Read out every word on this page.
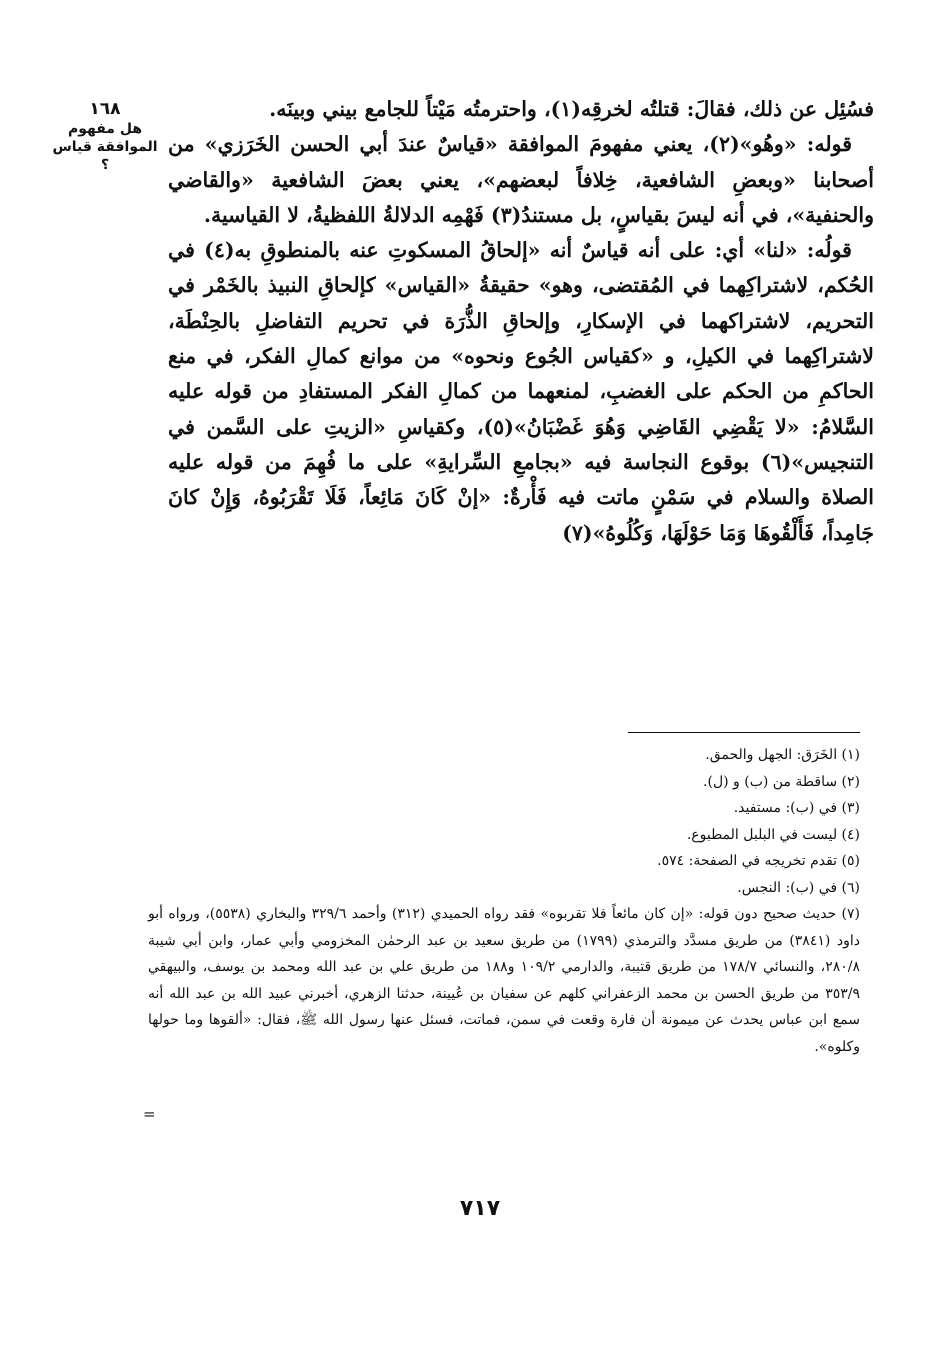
١٦٨
هل مفهوم الموافقة قياس ؟

فسُئِل عن ذلك، فقالَ: قتلتُه لخرقِه(١)، واحترمتُه مَيْتاً للجامع بيني وبينَه.

قوله: «وهُو»(٢)، يعني مفهومَ الموافقة «قياسٌ عندَ أبي الحسن الخَرَزي» من أصحابنا «وبعضِ الشافعية، خِلافاً لبعضهم»، يعني بعضَ الشافعية «والقاضي والحنفية»، في أنه ليسَ بقياسٍ، بل مستندُ(٣) فَهْمِه الدلالةُ اللفظيةُ، لا القياسية.

قولُه: «لنا» أي: على أنه قياسٌ أنه «إلحاقُ المسكوتِ عنه بالمنطوقِ به(٤) في الحُكم، لاشتراكِهما في المُقتضى، وهو» حقيقةُ «القياس» كإلحاقِ النبيذ بالخَمْر في التحريم، لاشتراكهما في الإسكارِ، وإلحاقِ الذُّرَة في تحريم التفاضلِ بالحِنْطَة، لاشتراكِهما في الكيلِ، و «كقياس الجُوع ونحوه» من موانع كمالِ الفكر، في منع الحاكمِ من الحكم على الغضبِ، لمنعهما من كمالِ الفكر المستفادِ من قوله عليه السَّلامُ: «لا يَقْضِي القَاضِي وَهُوَ غَضْبَانُ»(٥)، وكقياسِ «الزيتِ على السَّمن في التنجيس»(٦) بوقوع النجاسة فيه «بجامعِ السِّرايةِ» على ما فُهِمَ من قوله عليه الصلاة والسلام في سَمْنٍ ماتت فيه فَأْرةٌ: «إنْ كَانَ مَائِعاً، فَلَا تَقْرَبُوهُ، وَإِنْ كانَ جَامِداً، فَأَلْقُوهَا وَمَا حَوْلَهَا، وَكُلُوهُ»(٧)

(١) الخَرَق: الجهل والحمق.

(٢) ساقطة من (ب) و (ل).

(٣) في (ب): مستفيد.

(٤) ليست في البلبل المطبوع.

(٥) تقدم تخريجه في الصفحة: ٥٧٤.

(٦) في (ب): النجس.

(٧) حديث صحيح دون قوله: «إن كان مائعاً فلا تقربوه» فقد رواه الحميدي (٣١٢) وأحمد ٣٢٩/٦ والبخاري (٥٥٣٨)، ورواه أبو داود (٣٨٤١) من طريق مسدَّد والترمذي (١٧٩٩) من طريق سعيد بن عبد الرحمٰن المخزومي وأبي عمار، وابن أبي شيبة ٢٨٠/٨، والنسائي ١٧٨/٧ من طريق قتيبة، والدارمي ١٠٩/٢ و١٨٨ من طريق علي بن عبد الله ومحمد بن يوسف، والبيهقي ٣٥٣/٩ من طريق الحسن بن محمد الزعفراني كلهم عن سفيان بن عُيينة، حدثنا الزهري، أخبرني عبيد الله بن عبد الله أنه سمع ابن عباس يحدث عن ميمونة أن فارة وقعت في سمن، فماتت، فسئل عنها رسول الله ﷺ، فقال: «ألقوها وما حولها وكلوه».

=
٧١٧
